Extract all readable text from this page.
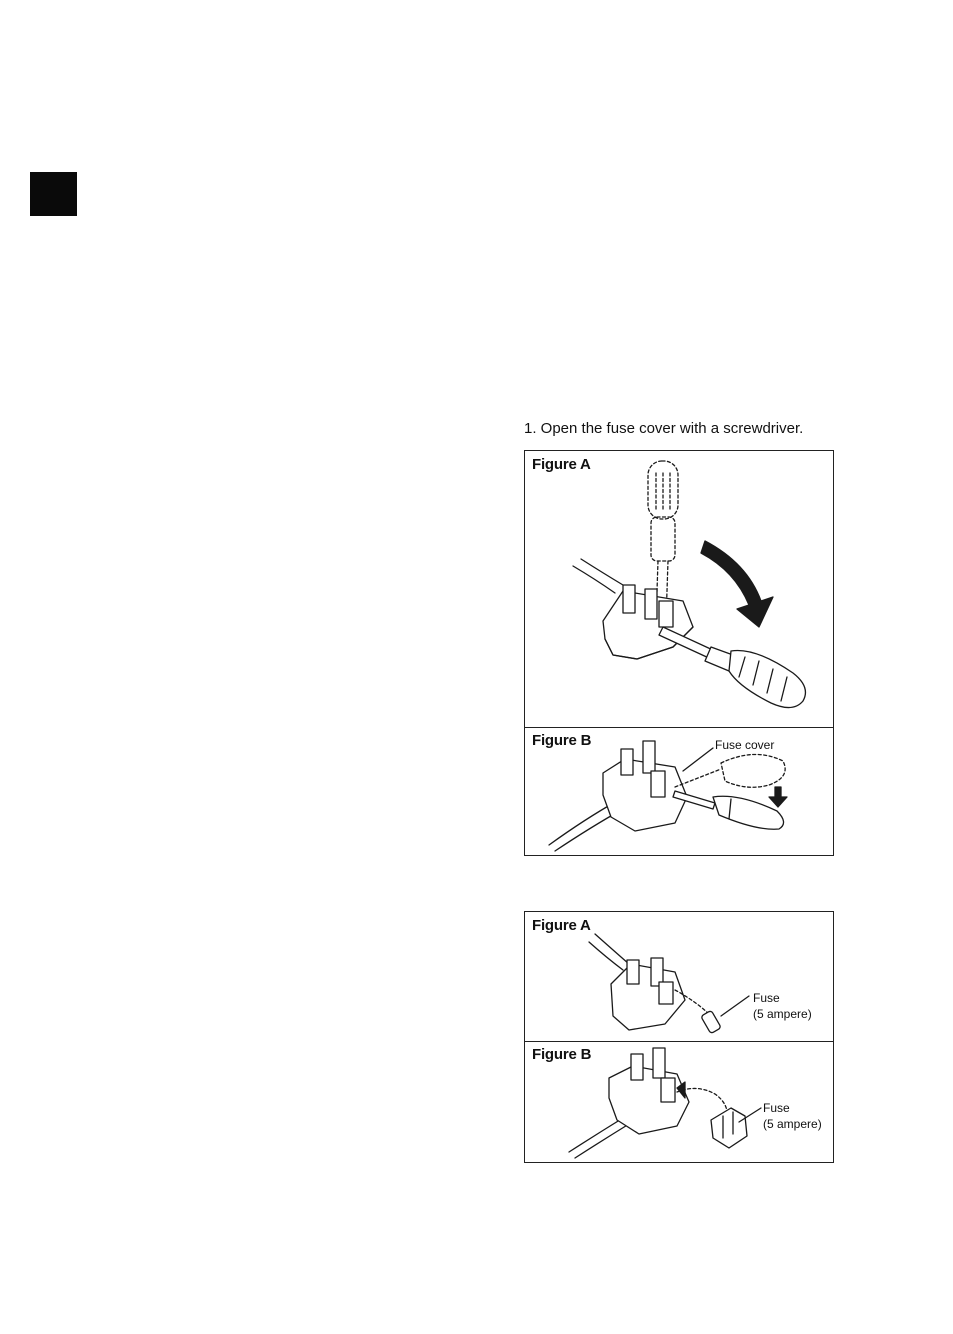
1. Open the fuse cover with a screwdriver.
Figure A
Figure B	Fuse cover
Figure A
Fuse
(5 ampere)
Figure B
Fuse
(5 ampere)
